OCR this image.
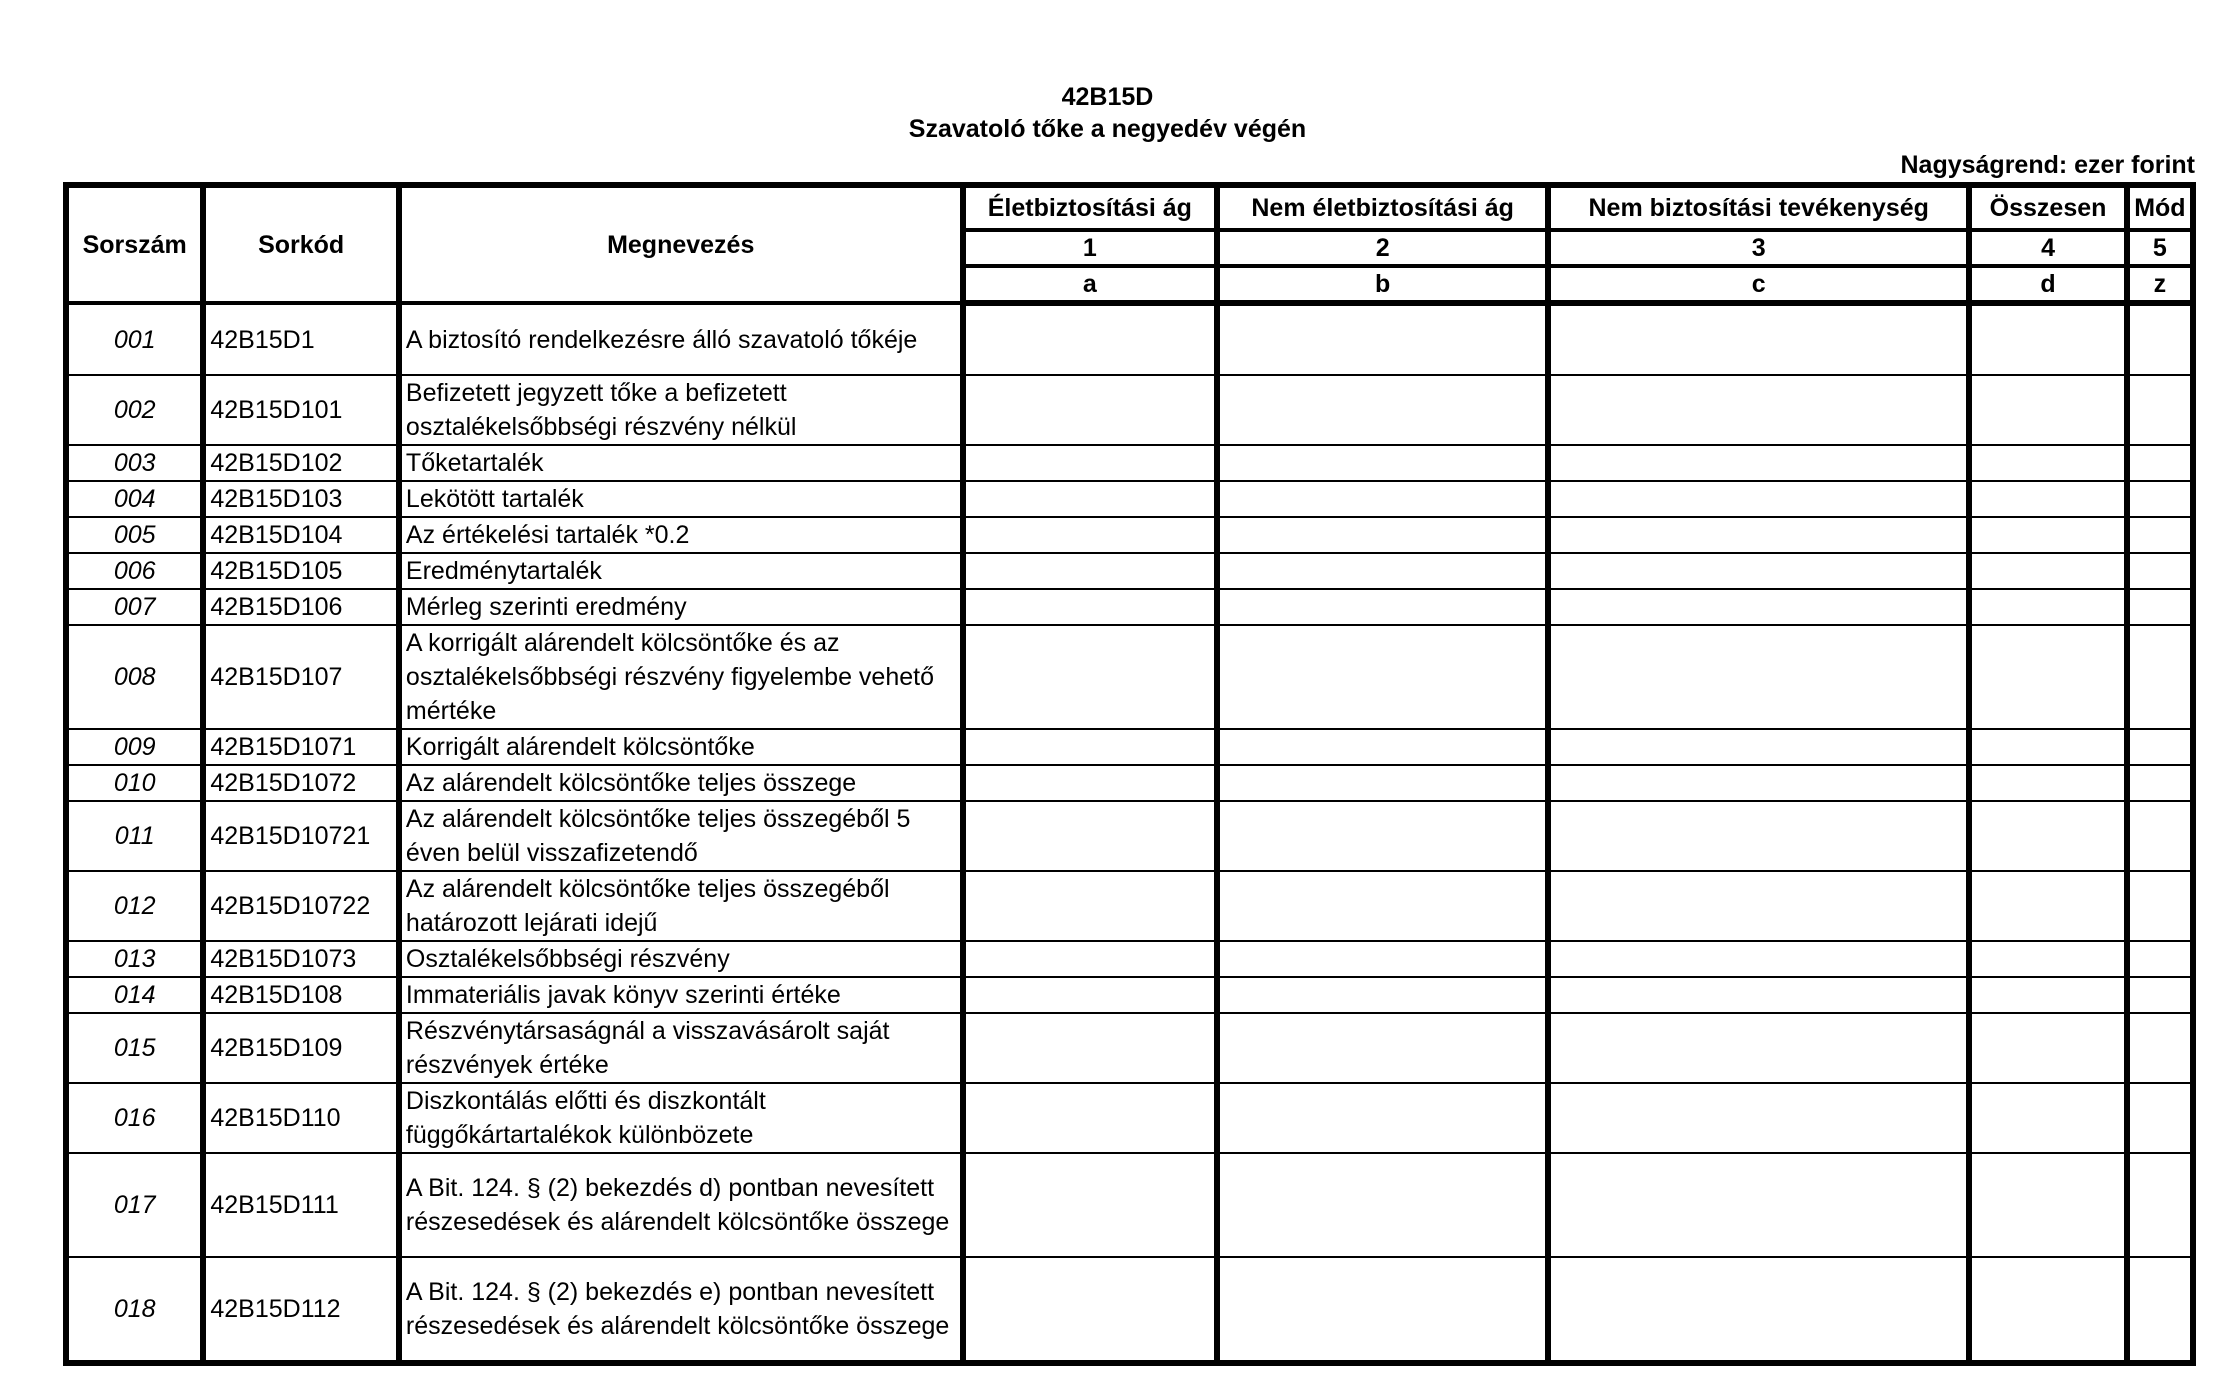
42B15D
Szavatoló tőke a negyedév végén
Nagyságrend: ezer forint
Sorszám	Sorkód	Megnevezés	Életbiztosítási ág	Nem életbiztosítási ág	Nem biztosítási tevékenység	Összesen	Mód
			1	2	3	4	5
			a	b	c	d	z
001	42B15D1	A biztosító rendelkezésre álló szavatoló tőkéje					
002	42B15D101	Befizetett jegyzett tőke a befizetett osztalékelsőbbségi részvény nélkül					
003	42B15D102	Tőketartalék					
004	42B15D103	Lekötött tartalék					
005	42B15D104	Az értékelési tartalék *0.2					
006	42B15D105	Eredménytartalék					
007	42B15D106	Mérleg szerinti eredmény					
008	42B15D107	A korrigált alárendelt kölcsöntőke és az osztalékelsőbbségi részvény figyelembe vehető mértéke					
009	42B15D1071	Korrigált alárendelt kölcsöntőke					
010	42B15D1072	Az alárendelt kölcsöntőke teljes összege					
011	42B15D10721	Az alárendelt kölcsöntőke teljes összegéből 5 éven belül visszafizetendő					
012	42B15D10722	Az alárendelt kölcsöntőke teljes összegéből határozott lejárati idejű					
013	42B15D1073	Osztalékelsőbbségi részvény					
014	42B15D108	Immateriális javak könyv szerinti értéke					
015	42B15D109	Részvénytársaságnál a visszavásárolt saját részvények értéke					
016	42B15D110	Diszkontálás előtti és diszkontált függőkártartalékok különbözete					
017	42B15D111	A Bit. 124. § (2) bekezdés d) pontban nevesített részesedések és alárendelt kölcsöntőke összege					
018	42B15D112	A Bit. 124. § (2) bekezdés e) pontban nevesített részesedések és alárendelt kölcsöntőke összege					
